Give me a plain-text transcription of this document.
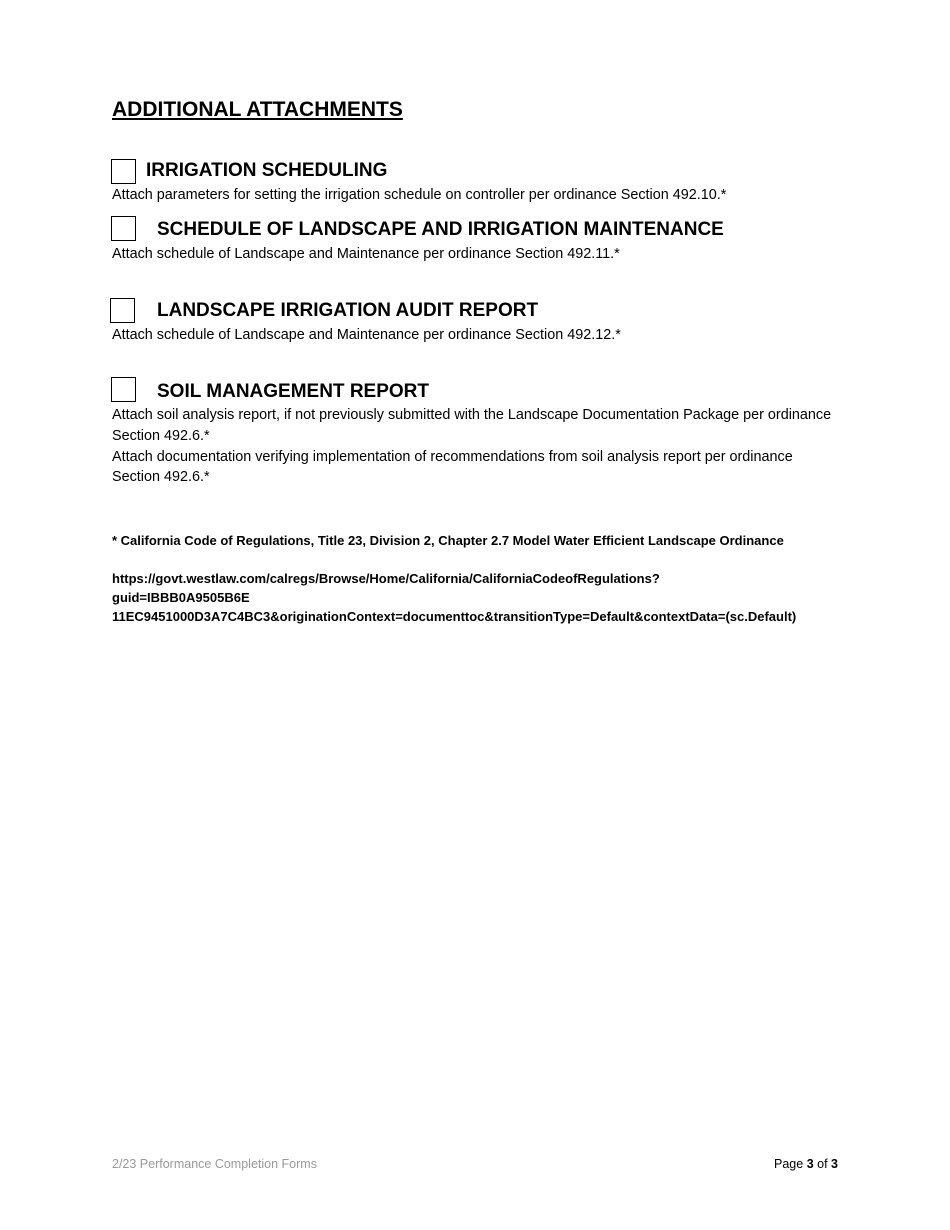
ADDITIONAL ATTACHMENTS
IRRIGATION SCHEDULING
Attach parameters for setting the irrigation schedule on controller per ordinance Section 492.10.*
SCHEDULE OF LANDSCAPE AND IRRIGATION MAINTENANCE
Attach schedule of Landscape and Maintenance per ordinance Section 492.11.*
LANDSCAPE IRRIGATION AUDIT REPORT
Attach schedule of Landscape and Maintenance per ordinance Section 492.12.*
SOIL MANAGEMENT REPORT
Attach soil analysis report, if not previously submitted with the Landscape Documentation Package per ordinance
Section 492.6.*
Attach documentation verifying implementation of recommendations from soil analysis report per ordinance
Section 492.6.*
* California Code of Regulations, Title 23, Division 2, Chapter 2.7 Model Water Efficient Landscape Ordinance
https://govt.westlaw.com/calregs/Browse/Home/California/CaliforniaCodeofRegulations?
guid=IBBB0A9505B6E
11EC9451000D3A7C4BC3&originationContext=documenttoc&transitionType=Default&contextData=(sc.Default)
2/23 Performance Completion Forms	Page 3 of 3
